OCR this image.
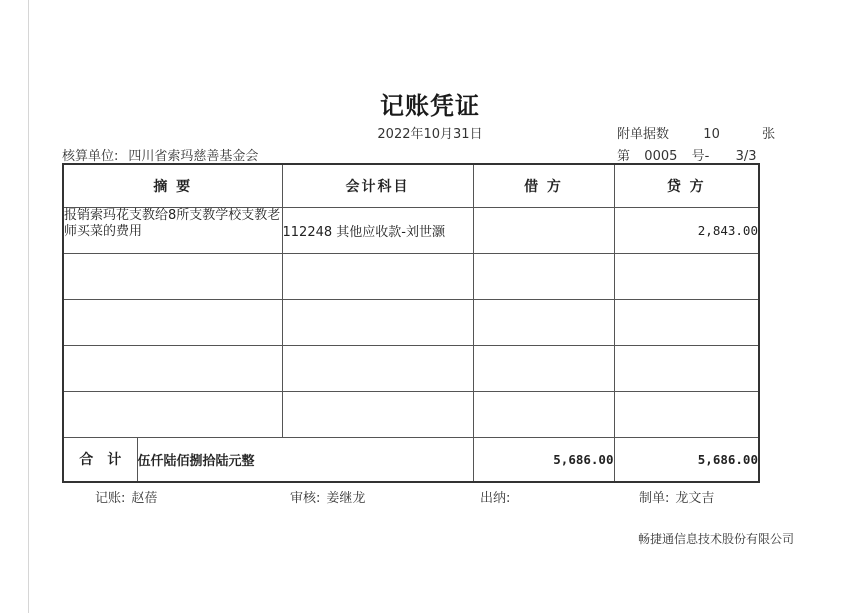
记账凭证
2022年10月31日	附单据数	10	张
第 0005 号- 3/3
核算单位: 四川省索玛慈善基金会
摘 要		会计科目	借 方	贷 方
报销索玛花支教给8所支教学校支教老师买菜的费用		112248 其他应收款-刘世灏		2,843.00

合计	伍仟陆佰捌拾陆元整		5,686.00	5,686.00
记账: 赵蓓	审核: 姜继龙	出纳:	制单: 龙文吉
畅捷通信息技术股份有限公司
